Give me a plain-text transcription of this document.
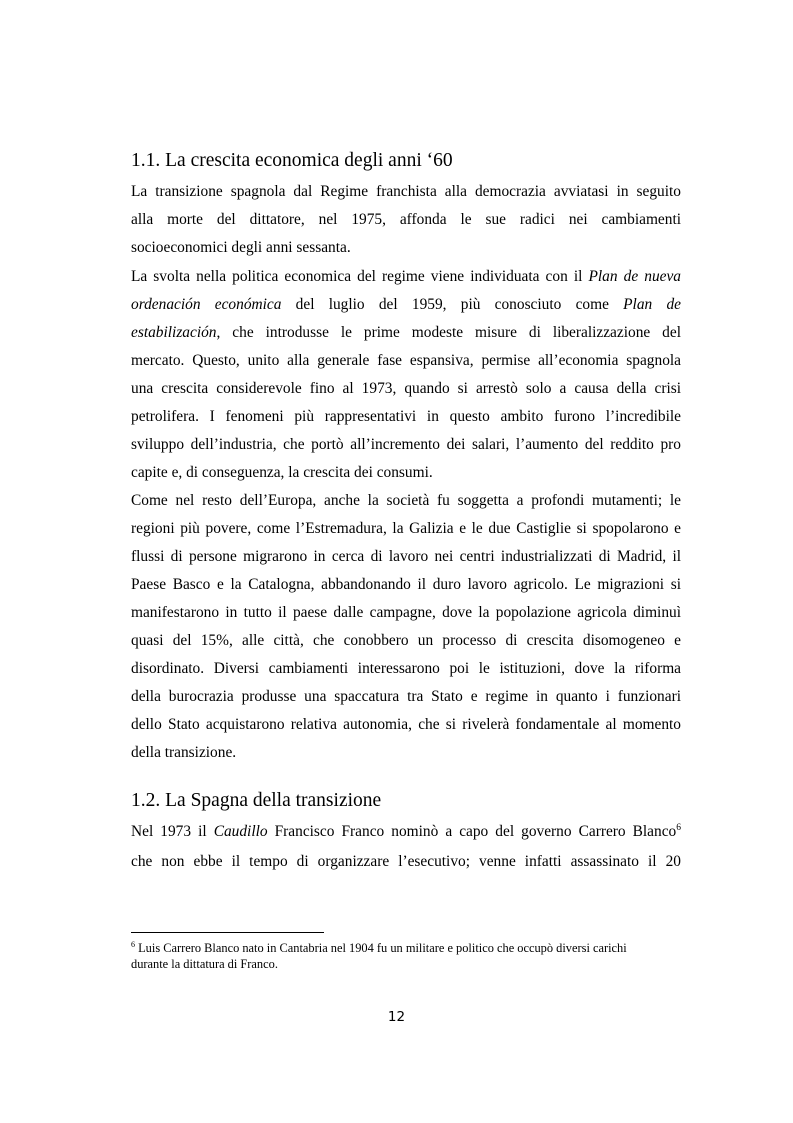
1.1. La crescita economica degli anni ‘60
La transizione spagnola dal Regime franchista alla democrazia avviatasi in seguito
alla morte del dittatore, nel 1975, affonda le sue radici nei cambiamenti
socioeconomici degli anni sessanta.
La svolta nella politica economica del regime viene individuata con il Plan de nueva
ordenación económica del luglio del 1959, più conosciuto come Plan de
estabilización, che introdusse le prime modeste misure di liberalizzazione del
mercato. Questo, unito alla generale fase espansiva, permise all’economia spagnola
una crescita considerevole fino al 1973, quando si arrestò solo a causa della crisi
petrolifera. I fenomeni più rappresentativi in questo ambito furono l’incredibile
sviluppo dell’industria, che portò all’incremento dei salari, l’aumento del reddito pro
capite e, di conseguenza, la crescita dei consumi.
Come nel resto dell’Europa, anche la società fu soggetta a profondi mutamenti; le
regioni più povere, come l’Estremadura, la Galizia e le due Castiglie si spopolarono e
flussi di persone migrarono in cerca di lavoro nei centri industrializzati di Madrid, il
Paese Basco e la Catalogna, abbandonando il duro lavoro agricolo. Le migrazioni si
manifestarono in tutto il paese dalle campagne, dove la popolazione agricola diminuì
quasi del 15%, alle città, che conobbero un processo di crescita disomogeneo e
disordinato. Diversi cambiamenti interessarono poi le istituzioni, dove la riforma
della burocrazia produsse una spaccatura tra Stato e regime in quanto i funzionari
dello Stato acquistarono relativa autonomia, che si rivelerà fondamentale al momento
della transizione.
1.2. La Spagna della transizione
Nel 1973 il Caudillo Francisco Franco nominò a capo del governo Carrero Blanco$^6$
che non ebbe il tempo di organizzare l’esecutivo; venne infatti assassinato il 20
$^6$ Luis Carrero Blanco nato in Cantabria nel 1904 fu un militare e politico che occupò diversi carichi
durante la dittatura di Franco.
12
